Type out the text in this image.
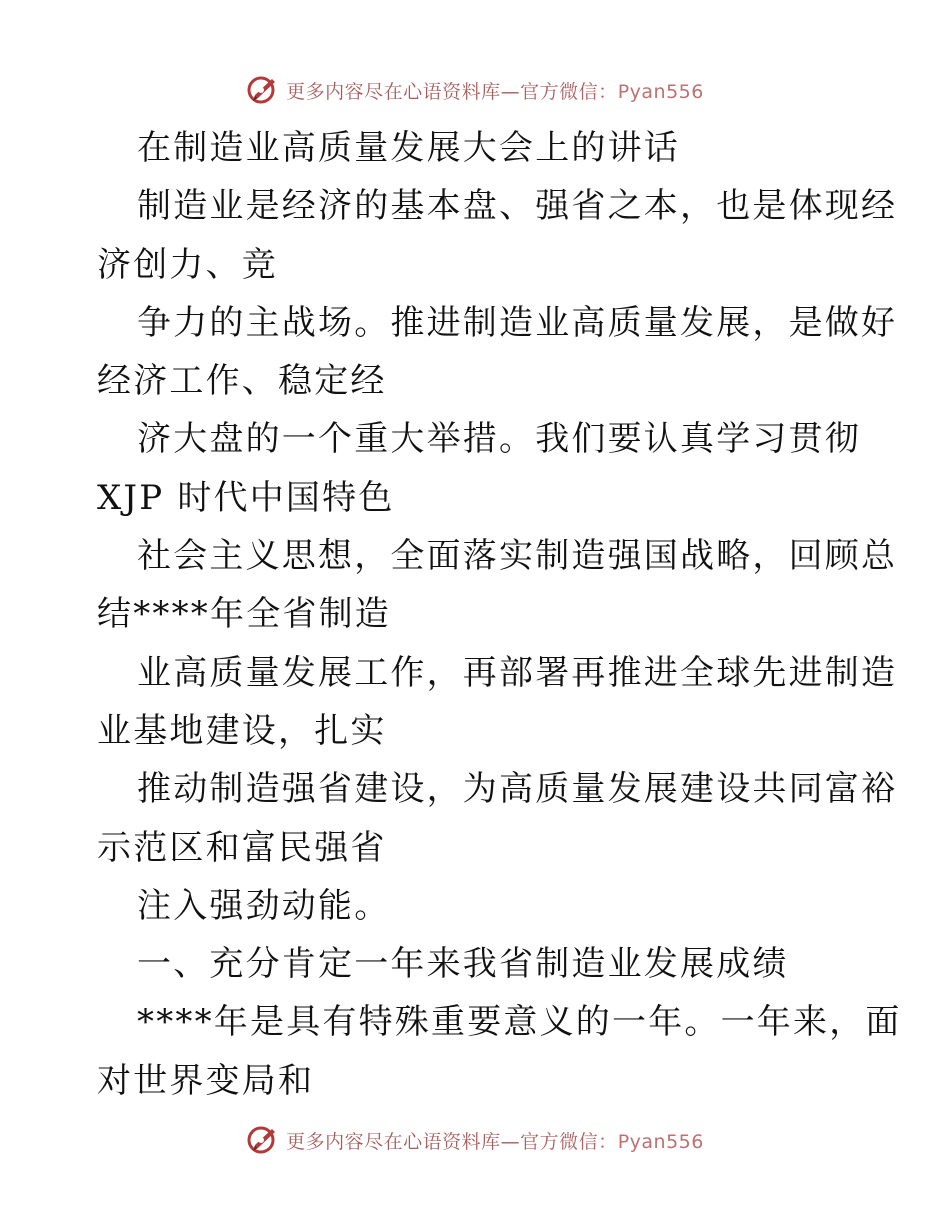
更多内容尽在心语资料库—官方微信：Pyan556
在制造业高质量发展大会上的讲话
制造业是经济的基本盘、强省之本，也是体现经
济创力、竞
争力的主战场。推进制造业高质量发展，是做好
经济工作、稳定经
济大盘的一个重大举措。我们要认真学习贯彻
XJP 时代中国特色
社会主义思想，全面落实制造强国战略，回顾总
结****年全省制造
业高质量发展工作，再部署再推进全球先进制造
业基地建设，扎实
推动制造强省建设，为高质量发展建设共同富裕
示范区和富民强省
注入强劲动能。
一、充分肯定一年来我省制造业发展成绩
****年是具有特殊重要意义的一年。一年来，面
对世界变局和
更多内容尽在心语资料库—官方微信：Pyan556
